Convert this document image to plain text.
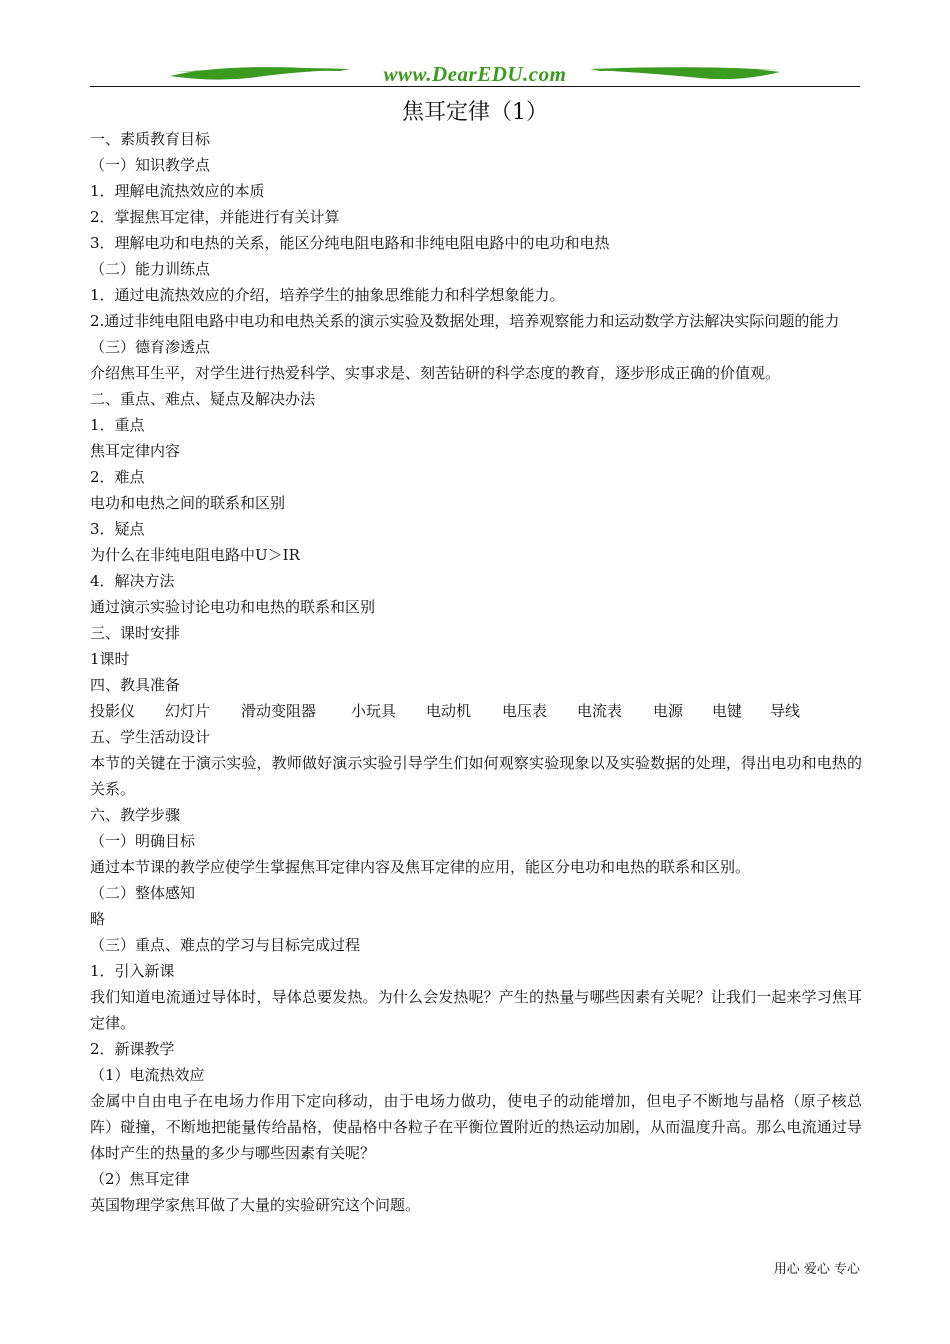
www.DearEDU.com
焦耳定律（1）
一、素质教育目标
（一）知识教学点
1．理解电流热效应的本质
2．掌握焦耳定律，并能进行有关计算
3．理解电功和电热的关系，能区分纯电阻电路和非纯电阻电路中的电功和电热
（二）能力训练点
1．通过电流热效应的介绍，培养学生的抽象思维能力和科学想象能力。
2.通过非纯电阻电路中电功和电热关系的演示实验及数据处理，培养观察能力和运动数学方法解决实际问题的能力
（三）德育渗透点
介绍焦耳生平，对学生进行热爱科学、实事求是、刻苦钻研的科学态度的教育，逐步形成正确的价值观。
二、重点、难点、疑点及解决办法
1．重点
焦耳定律内容
2．难点
电功和电热之间的联系和区别
3．疑点
为什么在非纯电阻电路中U＞IR
4．解决方法
通过演示实验讨论电功和电热的联系和区别
三、课时安排
1课时
四、教具准备
投影仪	幻灯片	滑动变阻器	小玩具	电动机	电压表	电流表	电源	电键	导线
五、学生活动设计
本节的关键在于演示实验，教师做好演示实验引导学生们如何观察实验现象以及实验数据的处理，得出电功和电热的关系。
六、教学步骤
（一）明确目标
通过本节课的教学应使学生掌握焦耳定律内容及焦耳定律的应用，能区分电功和电热的联系和区别。
（二）整体感知
略
（三）重点、难点的学习与目标完成过程
1．引入新课
我们知道电流通过导体时，导体总要发热。为什么会发热呢？产生的热量与哪些因素有关呢？让我们一起来学习焦耳定律。
2．新课教学
（1）电流热效应
金属中自由电子在电场力作用下定向移动，由于电场力做功，使电子的动能增加，但电子不断地与晶格（原子核总阵）碰撞，不断地把能量传给晶格，使晶格中各粒子在平衡位置附近的热运动加剧，从而温度升高。那么电流通过导体时产生的热量的多少与哪些因素有关呢？
（2）焦耳定律
英国物理学家焦耳做了大量的实验研究这个问题。
用心 爱心 专心
